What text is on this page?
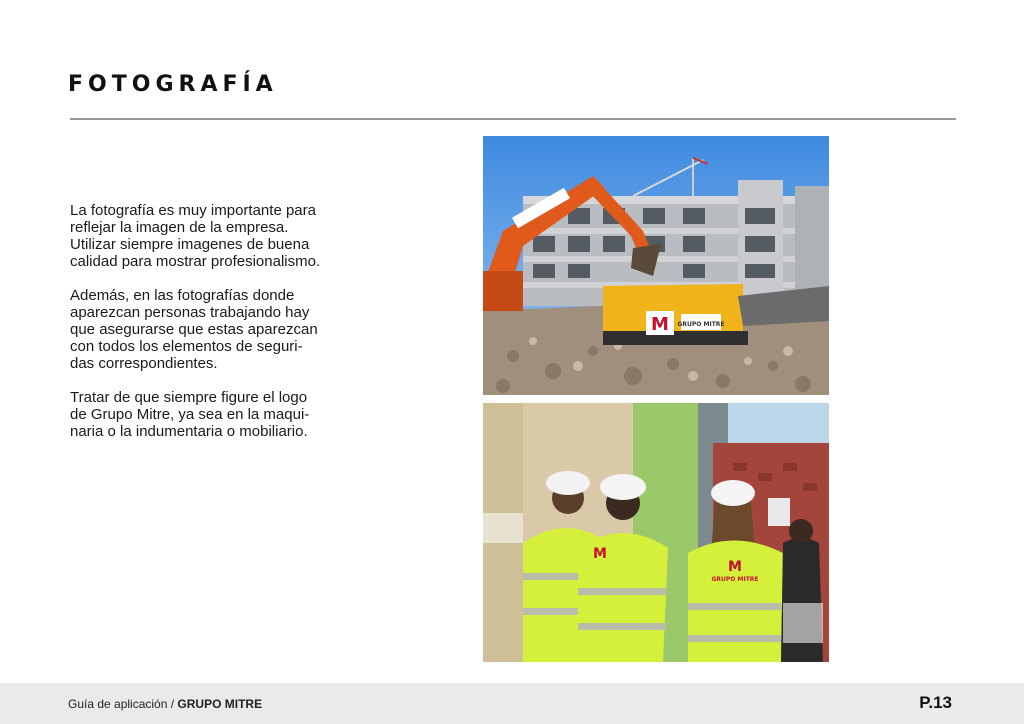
FOTOGRAFÍA

La fotografía es muy importante para
reflejar la imagen de la empresa.
Utilizar siempre imagenes de buena
calidad para mostrar profesionalismo.

Además, en las fotografías donde
aparezcan personas trabajando hay
que asegurarse que estas aparezcan
con todos los elementos de seguri-
das correspondientes.

Tratar de que siempre figure el logo
de Grupo Mitre, ya sea en la maqui-
naria o la indumentaria o mobiliario.

M GRUPO MITRE
M
M
GRUPO MITRE
Guía de aplicación / GRUPO MITRE	P.13
